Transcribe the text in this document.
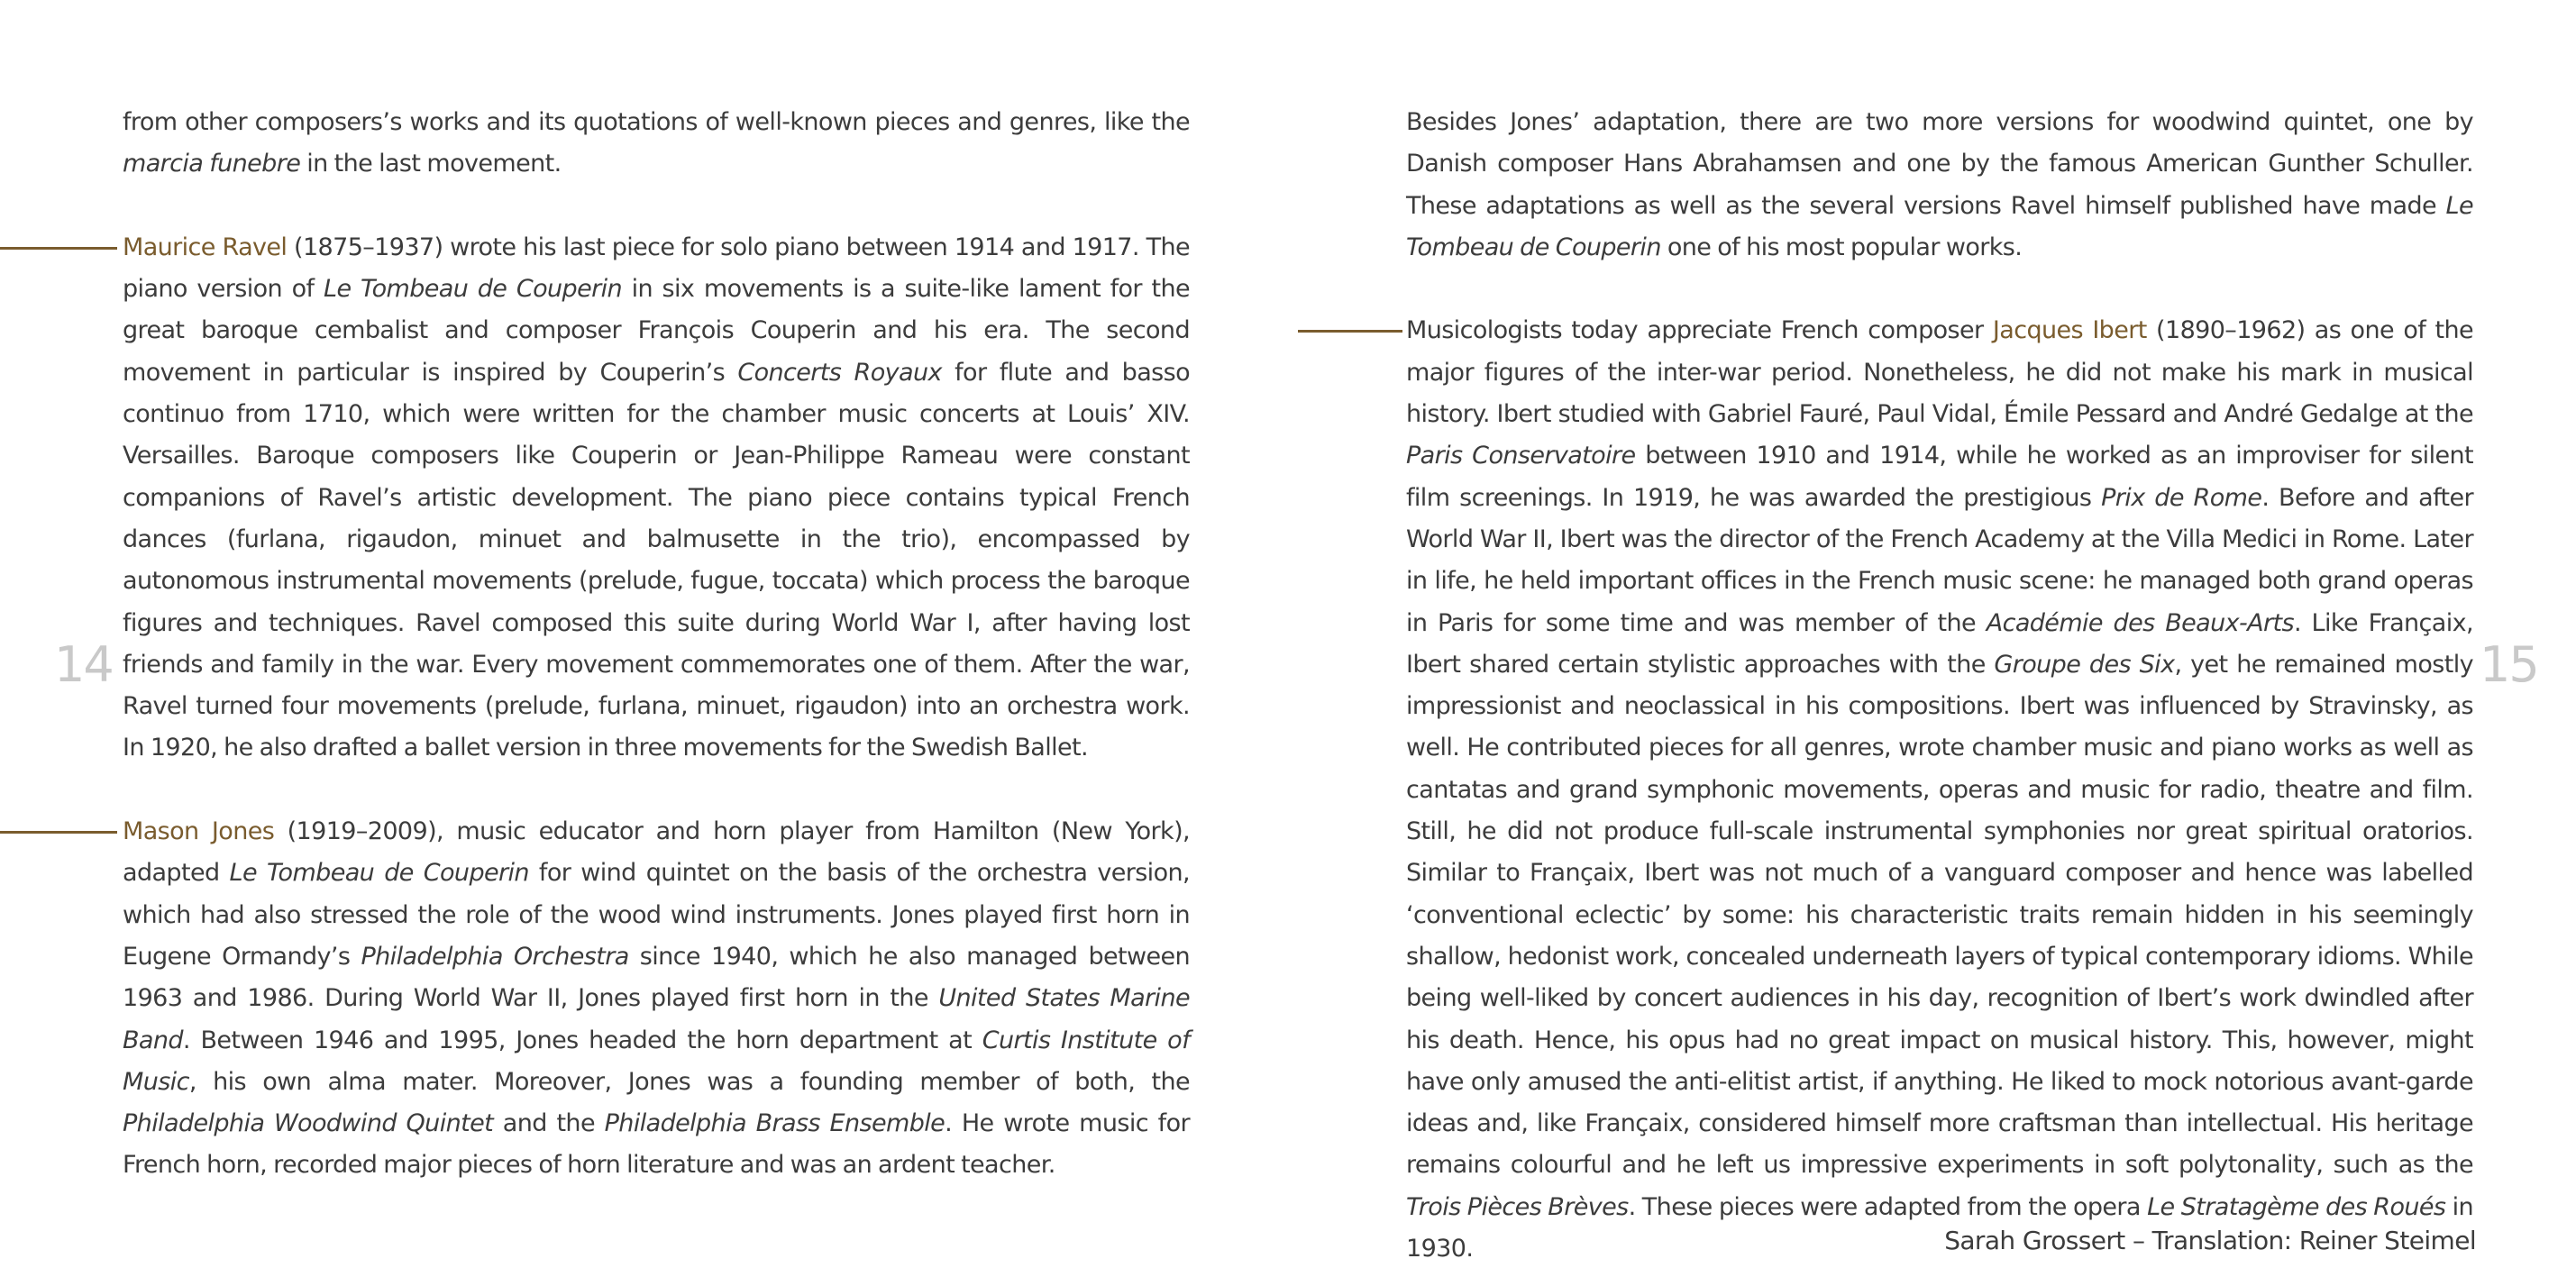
from other composers’s works and its quotations of well-known pieces and genres, like the marcia funebre in the last movement.

Maurice Ravel (1875–1937) wrote his last piece for solo piano between 1914 and 1917. The piano version of Le Tombeau de Couperin in six movements is a suite-like lament for the great baroque cembalist and composer François Couperin and his era. The second movement in particular is inspired by Couperin’s Concerts Royaux for flute and basso continuo from 1710, which were written for the chamber music concerts at Louis’ XIV. Versailles. Baroque composers like Couperin or Jean-Philippe Rameau were constant companions of Ravel’s artistic development. The piano piece contains typical French dances (furlana, rigaudon, minuet and balmusette in the trio), encompassed by autonomous instrumental movements (prelude, fugue, toccata) which process the baroque figures and techniques. Ravel composed this suite during World War I, after having lost friends and family in the war. Every movement commemorates one of them. After the war, Ravel turned four movements (prelude, furlana, minuet, rigaudon) into an orchestra work. In 1920, he also drafted a ballet version in three movements for the Swedish Ballet.

Mason Jones (1919–2009), music educator and horn player from Hamilton (New York), adapted Le Tombeau de Couperin for wind quintet on the basis of the orchestra version, which had also stressed the role of the wood wind instruments. Jones played first horn in Eugene Ormandy’s Philadelphia Orchestra since 1940, which he also managed between 1963 and 1986. During World War II, Jones played first horn in the United States Marine Band. Between 1946 and 1995, Jones headed the horn department at Curtis Institute of Music, his own alma mater. Moreover, Jones was a founding member of both, the Philadelphia Woodwind Quintet and the Philadelphia Brass Ensemble. He wrote music for French horn, recorded major pieces of horn literature and was an ardent teacher.

14

Besides Jones’ adaptation, there are two more versions for woodwind quintet, one by Danish composer Hans Abrahamsen and one by the famous American Gunther Schuller. These adaptations as well as the several versions Ravel himself published have made Le Tombeau de Couperin one of his most popular works.

Musicologists today appreciate French composer Jacques Ibert (1890–1962) as one of the major figures of the inter-war period. Nonetheless, he did not make his mark in musical history. Ibert studied with Gabriel Fauré, Paul Vidal, Émile Pessard and André Gedalge at the Paris Conservatoire between 1910 and 1914, while he worked as an improviser for silent film screenings. In 1919, he was awarded the prestigious Prix de Rome. Before and after World War II, Ibert was the director of the French Academy at the Villa Medici in Rome. Later in life, he held important offices in the French music scene: he managed both grand operas in Paris for some time and was member of the Académie des Beaux-Arts. Like Françaix, Ibert shared certain stylistic approaches with the Groupe des Six, yet he remained mostly impressionist and neoclassical in his compositions. Ibert was influenced by Stravinsky, as well. He contributed pieces for all genres, wrote chamber music and piano works as well as cantatas and grand symphonic movements, operas and music for radio, theatre and film. Still, he did not produce full-scale instrumental symphonies nor great spiritual oratorios. Similar to Françaix, Ibert was not much of a vanguard composer and hence was labelled ‘conventional eclectic’ by some: his characteristic traits remain hidden in his seemingly shallow, hedonist work, concealed underneath layers of typical contemporary idioms. While being well-liked by concert audiences in his day, recognition of Ibert’s work dwindled after his death. Hence, his opus had no great impact on musical history. This, however, might have only amused the anti-elitist artist, if anything. He liked to mock notorious avant-garde ideas and, like Françaix, considered himself more craftsman than intellectual. His heritage remains colourful and he left us impressive experiments in soft polytonality, such as the Trois Pièces Brèves. These pieces were adapted from the opera Le Stratagème des Roués in 1930.

15
Sarah Grossert – Translation: Reiner Steimel
